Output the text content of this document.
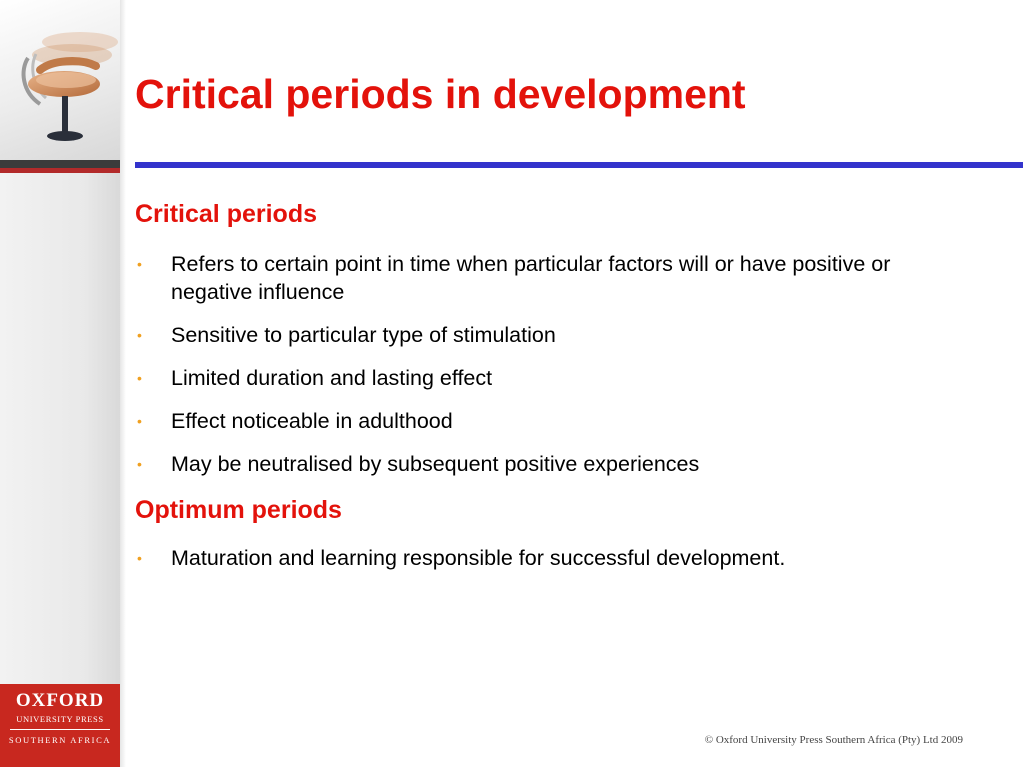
OXFORD
UNIVERSITY PRESS
SOUTHERN AFRICA
Critical periods in development
Critical periods
• Refers to certain point in time when particular factors will or have positive or negative influence
• Sensitive to particular type of stimulation
• Limited duration and lasting effect
• Effect noticeable in adulthood
• May be neutralised by subsequent positive experiences
Optimum periods
• Maturation and learning responsible for successful development.
© Oxford University Press Southern Africa (Pty) Ltd 2009
